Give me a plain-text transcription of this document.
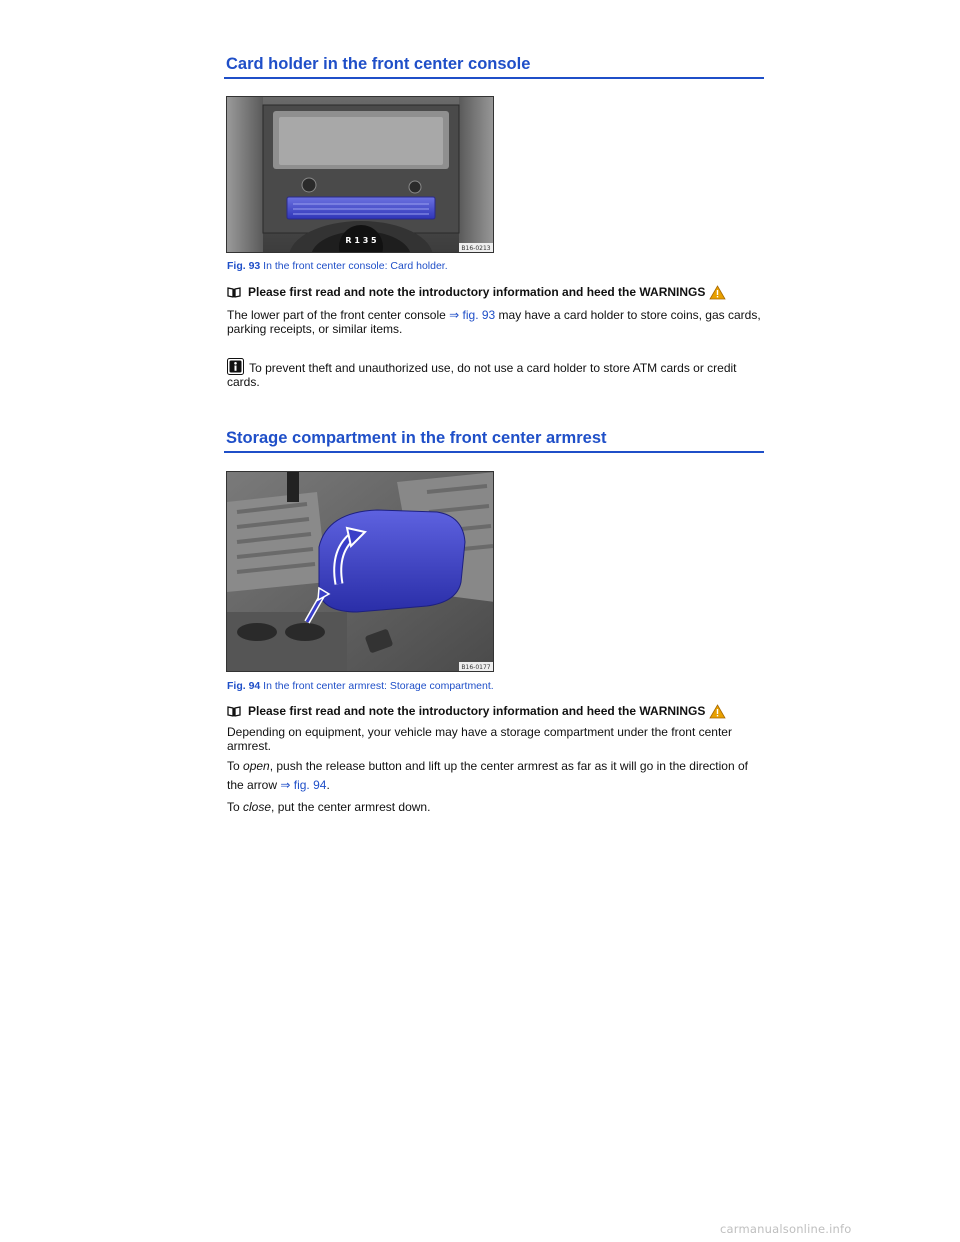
Card holder in the front center console
R 1 3 5
B16-0213
Fig. 93 In the front center console: Card holder.
Please first read and note the introductory information and heed the WARNINGS
The lower part of the front center console ⇒ fig. 93 may have a card holder to store coins, gas cards, parking receipts, or similar items.
To prevent theft and unauthorized use, do not use a card holder to store ATM cards or credit cards.
Storage compartment in the front center armrest
B16-0177
Fig. 94 In the front center armrest: Storage compartment.
Please first read and note the introductory information and heed the WARNINGS
Depending on equipment, your vehicle may have a storage compartment under the front center armrest.
To open, push the release button and lift up the center armrest as far as it will go in the direction of the arrow ⇒ fig. 94.
To close, put the center armrest down.
carmanualsonline.info
